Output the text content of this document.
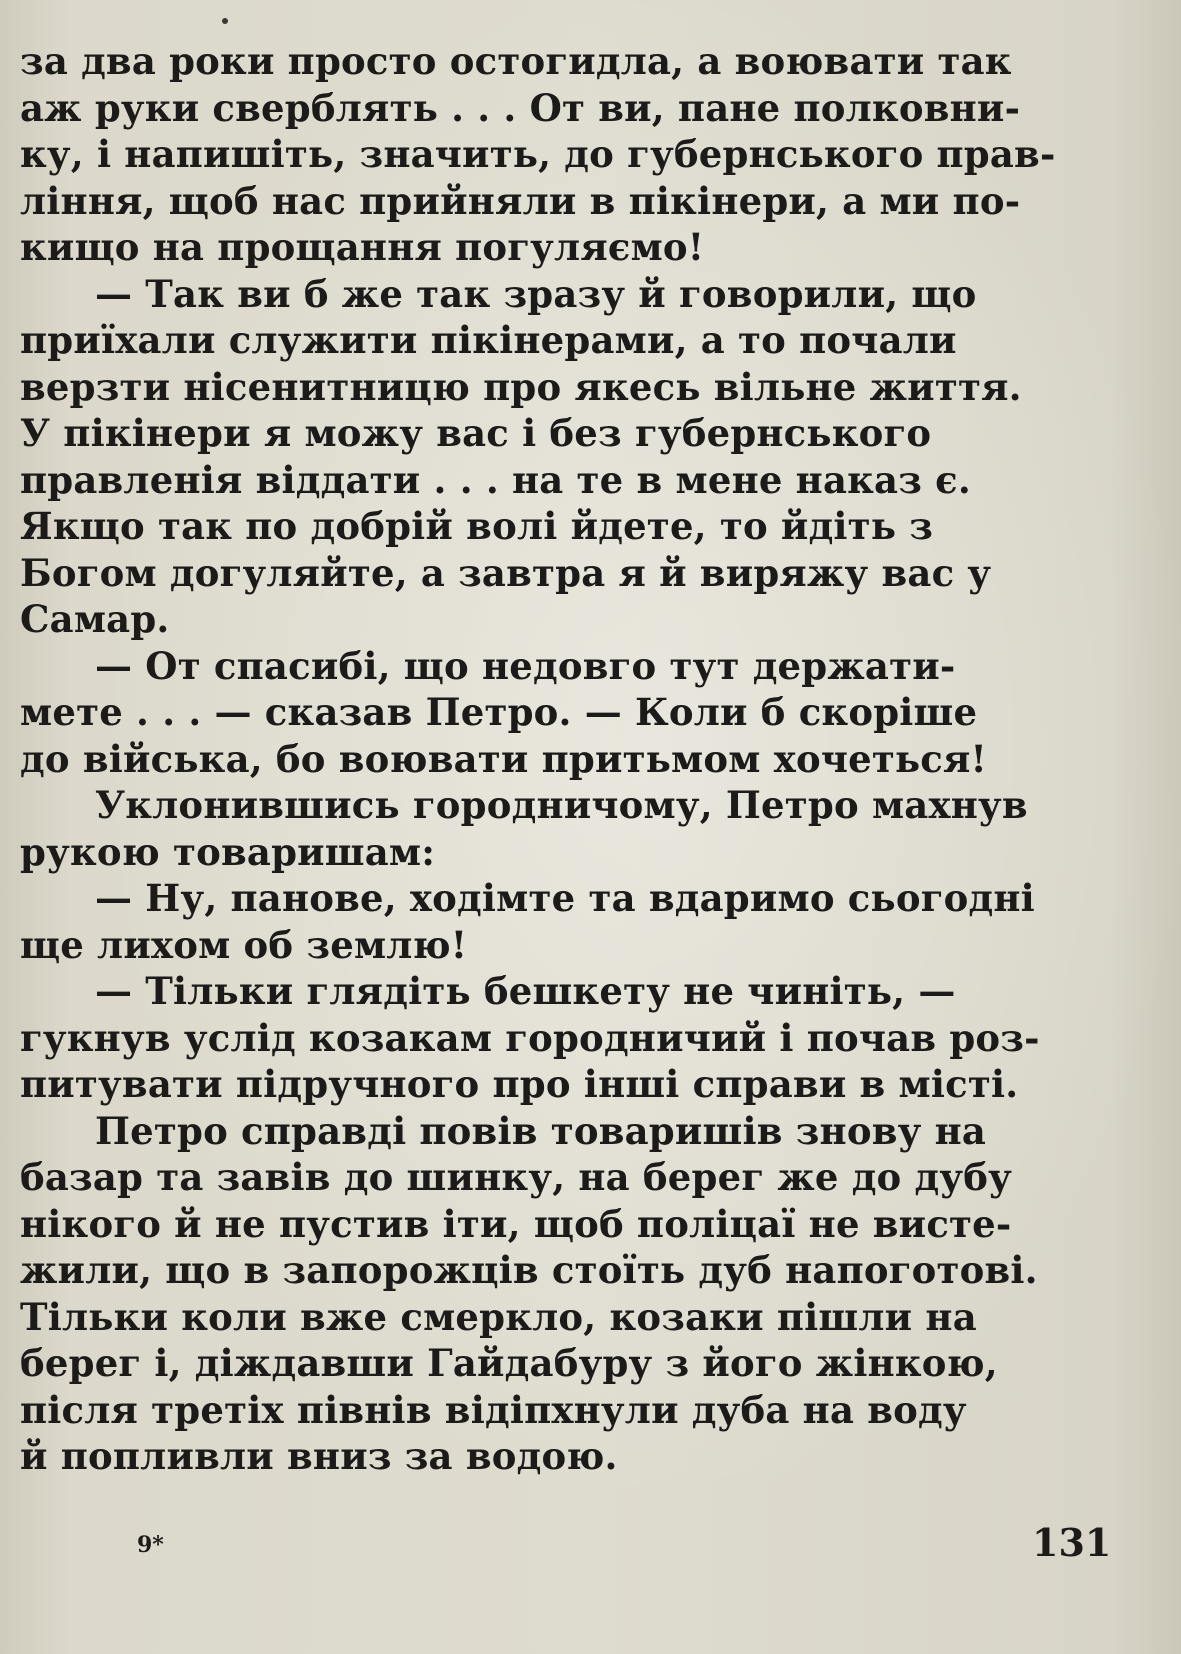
за два роки просто остогидла, а воювати так
аж руки сверблять . . . От ви, пане полковни-
ку, і напишіть, значить, до губернського прав-
ління, щоб нас прийняли в пікінери, а ми по-
кищо на прощання погуляємо!
— Так ви б же так зразу й говорили, що
приїхали служити пікінерами, а то почали
верзти нісенитницю про якесь вільне життя.
У пікінери я можу вас і без губернського
правленія віддати . . . на те в мене наказ є.
Якщо так по добрій волі йдете, то йдіть з
Богом догуляйте, а завтра я й виряжу вас у
Самар.
— От спасибі, що недовго тут держати-
мете . . . — сказав Петро. — Коли б скоріше
до війська, бо воювати притьмом хочеться!
Уклонившись городничому, Петро махнув
рукою товаришам:
— Ну, панове, ходімте та вдаримо сьогодні
ще лихом об землю!
— Тільки глядіть бешкету не чиніть, —
гукнув услід козакам городничий і почав роз-
питувати підручного про інші справи в місті.
Петро справді повів товаришів знову на
базар та завів до шинку, на берег же до дубу
нікого й не пустив іти, щоб поліцаї не висте-
жили, що в запорожців стоїть дуб напоготові.
Тільки коли вже смеркло, козаки пішли на
берег і, діждавши Гайдабуру з його жінкою,
після третіх півнів відіпхнули дуба на воду
й попливли вниз за водою.
9*	131
